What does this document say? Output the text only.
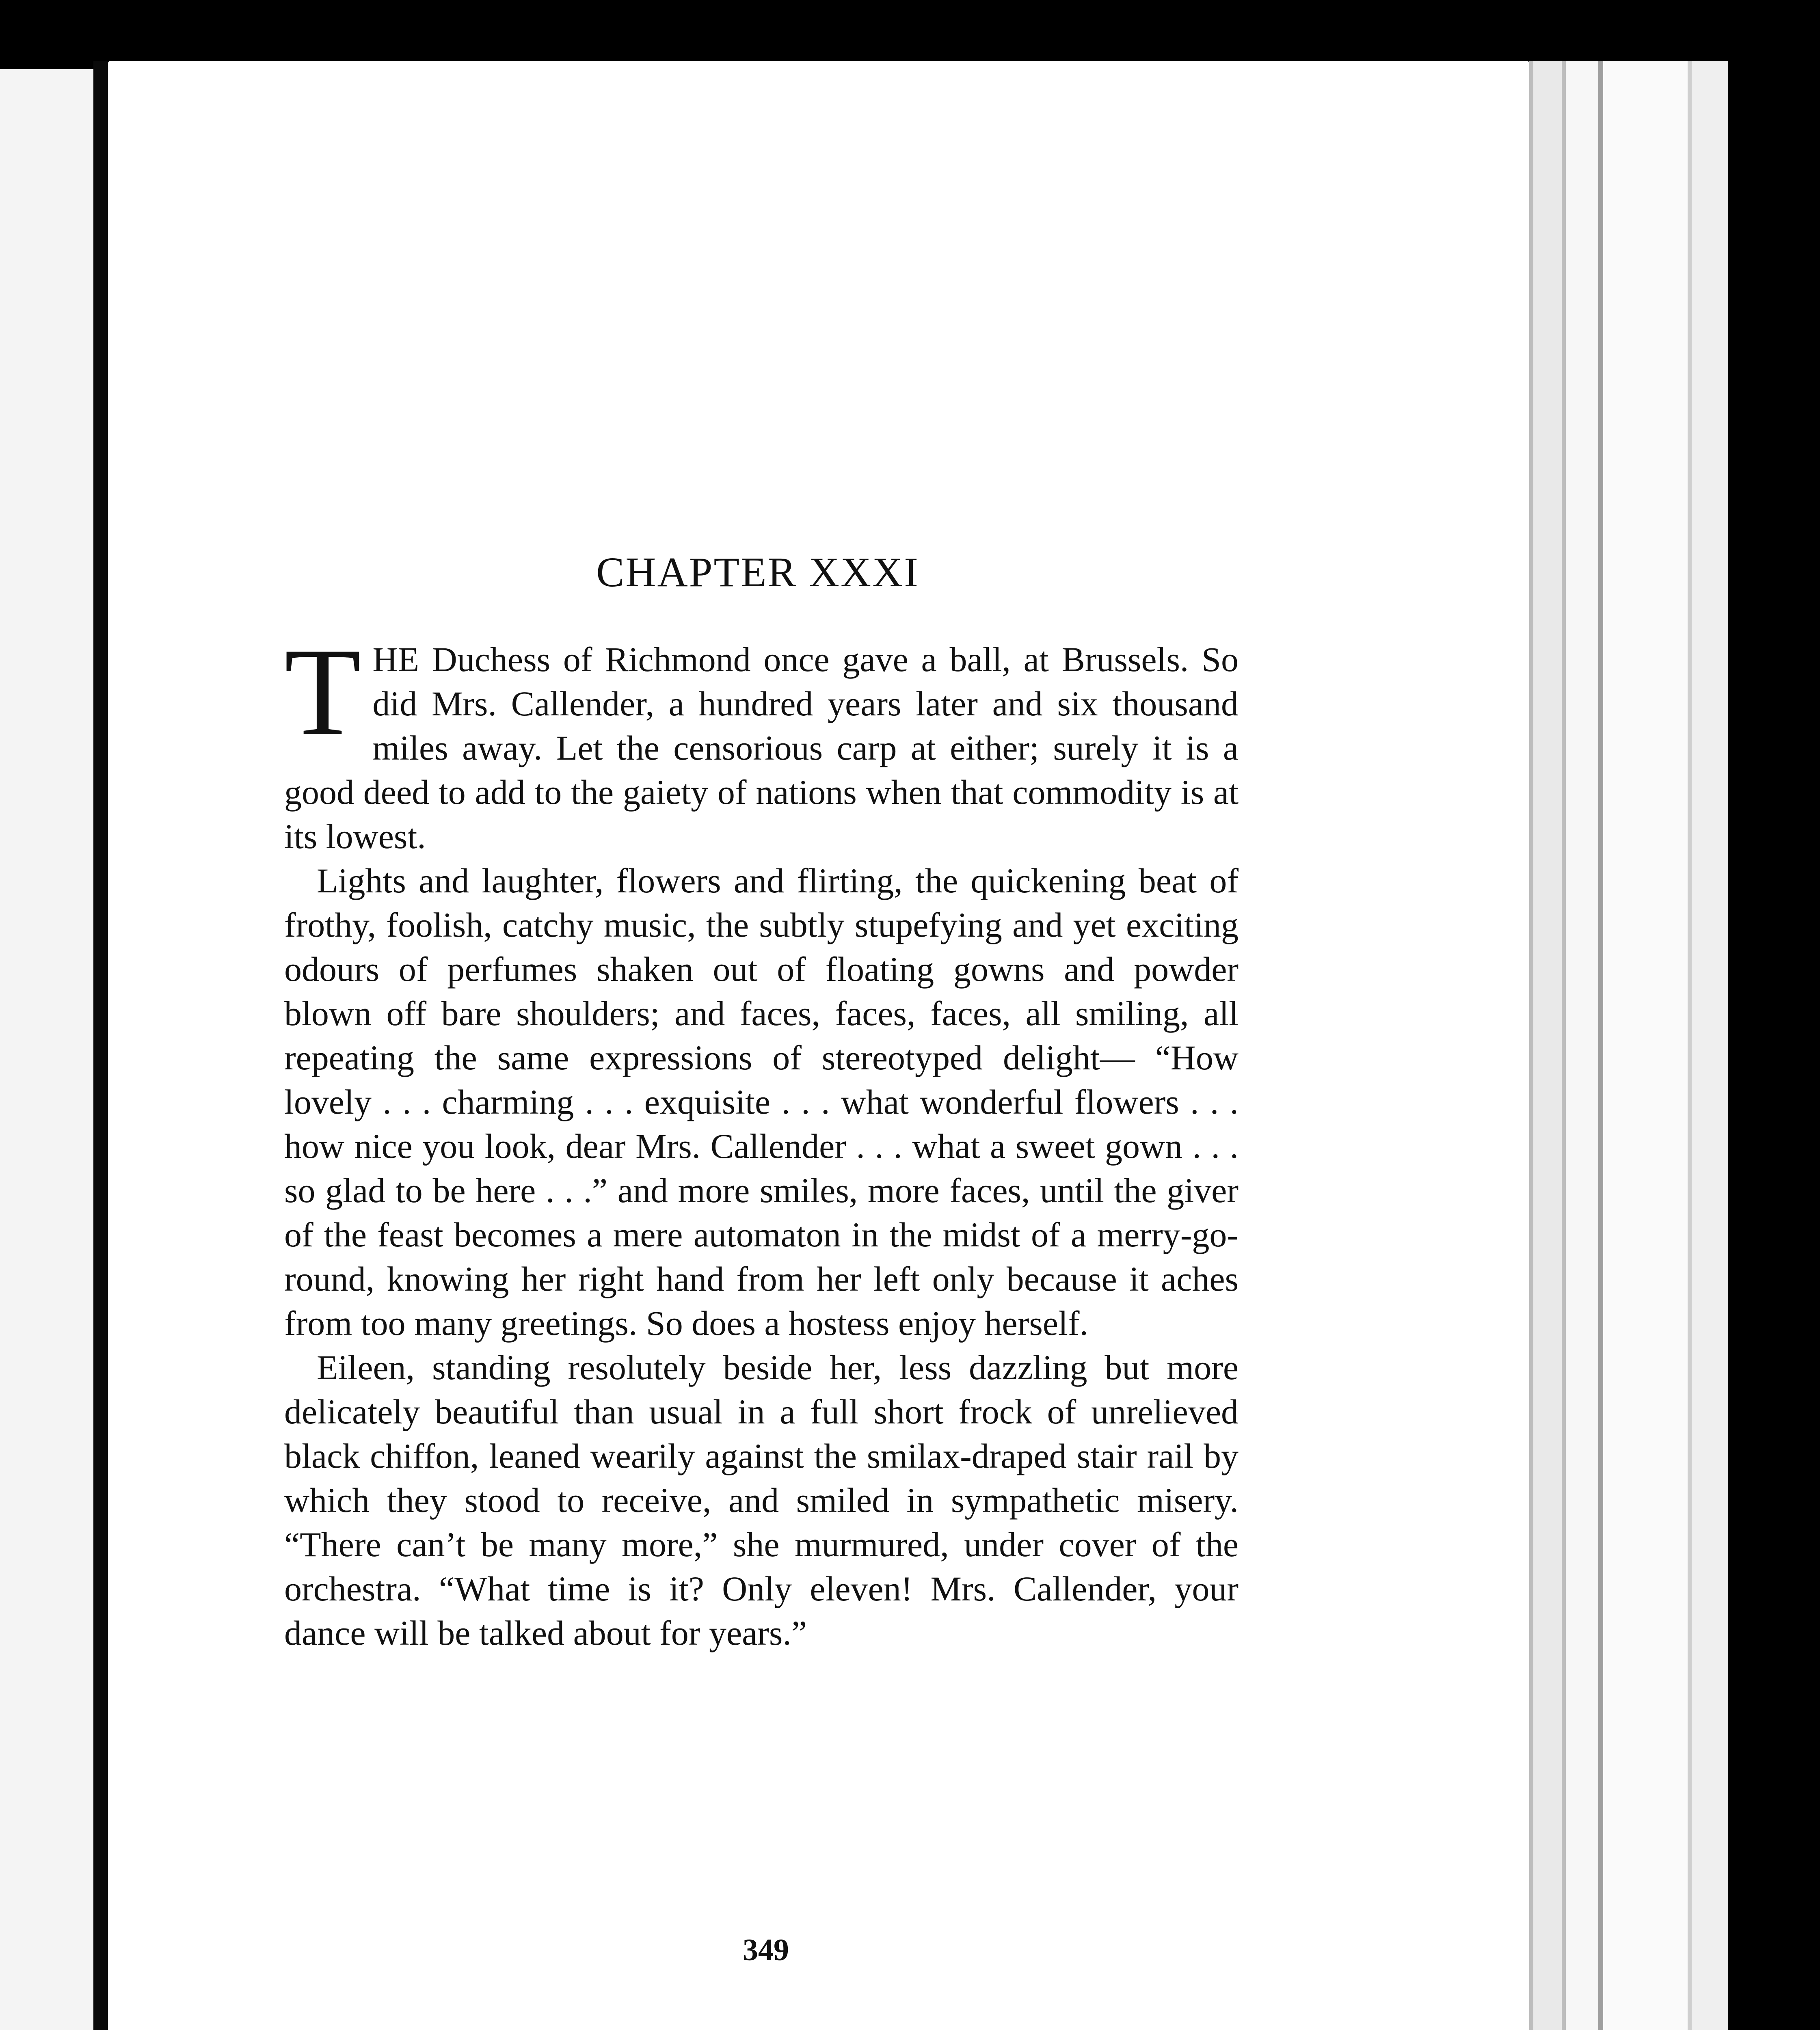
CHAPTER XXXI

T HE Duchess of Richmond once gave a ball, at Brussels. So did Mrs. Callender, a hundred years later and six thousand miles away. Let the censorious carp at either; surely it is a good deed to add to the gaiety of nations when that commodity is at its lowest.

Lights and laughter, flowers and flirting, the quickening beat of frothy, foolish, catchy music, the subtly stupefying and yet exciting odours of perfumes shaken out of floating gowns and powder blown off bare shoulders; and faces, faces, faces, all smiling, all repeating the same expressions of stereotyped delight— “How lovely . . . charming . . . exquisite . . . what wonderful flowers . . . how nice you look, dear Mrs. Callender . . . what a sweet gown . . . so glad to be here . . .” and more smiles, more faces, until the giver of the feast becomes a mere automaton in the midst of a merry-go-round, knowing her right hand from her left only because it aches from too many greetings. So does a hostess enjoy herself.

Eileen, standing resolutely beside her, less dazzling but more delicately beautiful than usual in a full short frock of unrelieved black chiffon, leaned wearily against the smilax-draped stair rail by which they stood to receive, and smiled in sympathetic misery. “There can’t be many more,” she murmured, under cover of the orchestra. “What time is it? Only eleven! Mrs. Callender, your dance will be talked about for years.”

349
